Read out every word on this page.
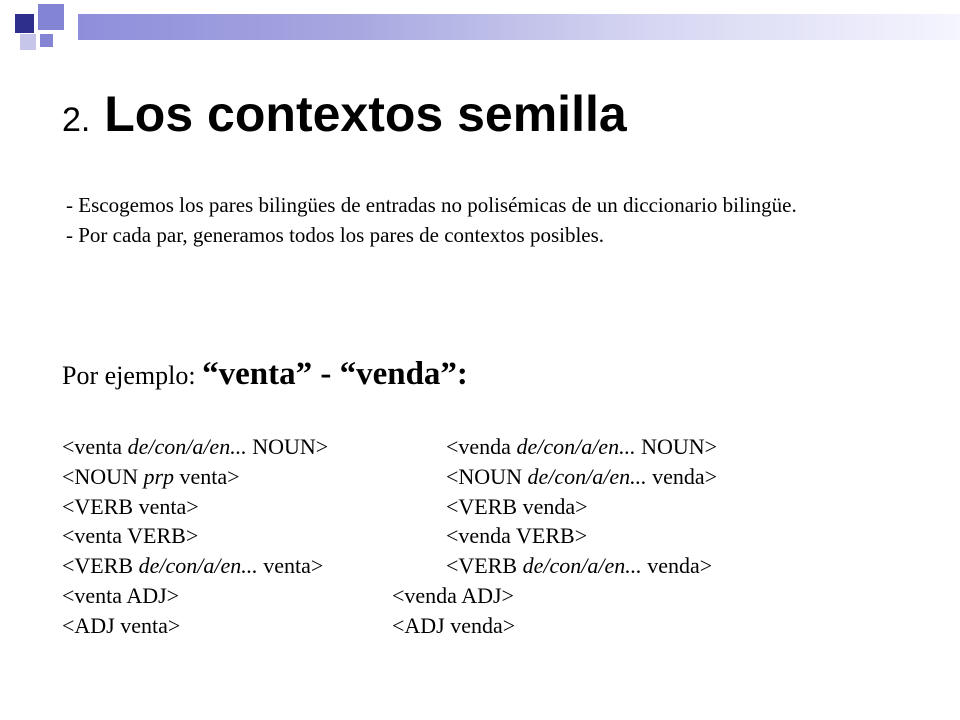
2. Los contextos semilla
- Escogemos los pares bilingües de entradas no polisémicas de un diccionario bilingüe.
- Por cada par, generamos todos los pares de contextos posibles.
Por ejemplo: “venta” - “venda”:
<venta de/con/a/en... NOUN>	<venda de/con/a/en... NOUN>
<NOUN prp venta>	<NOUN de/con/a/en... venda>
<VERB venta>	<VERB venda>
<venta VERB>	<venda VERB>
<VERB de/con/a/en... venta>	<VERB de/con/a/en... venda>
<venta ADJ>	<venda ADJ>
<ADJ venta>	<ADJ venda>
